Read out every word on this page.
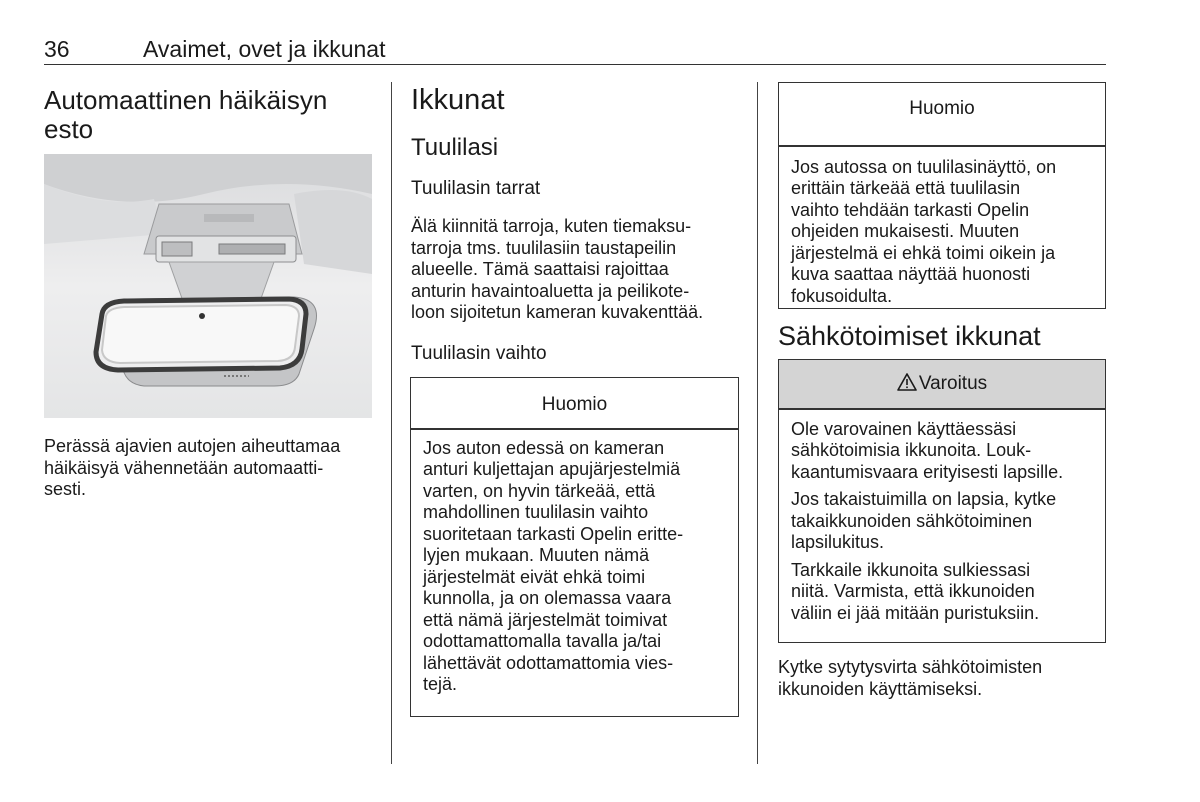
36	Avaimet, ovet ja ikkunat
Automaattinen häikäisyn
esto
Perässä ajavien autojen aiheuttamaa
häikäisyä vähennetään automaatti-
sesti.
Ikkunat
Tuulilasi
Tuulilasin tarrat
Älä kiinnitä tarroja, kuten tiemaksu-
tarroja tms. tuulilasiin taustapeilin
alueelle. Tämä saattaisi rajoittaa
anturin havaintoaluetta ja peilikote-
loon sijoitetun kameran kuvakenttää.
Tuulilasin vaihto
Huomio
Jos auton edessä on kameran
anturi kuljettajan apujärjestelmiä
varten, on hyvin tärkeää, että
mahdollinen tuulilasin vaihto
suoritetaan tarkasti Opelin eritte-
lyjen mukaan. Muuten nämä
järjestelmät eivät ehkä toimi
kunnolla, ja on olemassa vaara
että nämä järjestelmät toimivat
odottamattomalla tavalla ja/tai
lähettävät odottamattomia vies-
tejä.
Huomio
Jos autossa on tuulilasinäyttö, on
erittäin tärkeää että tuulilasin
vaihto tehdään tarkasti Opelin
ohjeiden mukaisesti. Muuten
järjestelmä ei ehkä toimi oikein ja
kuva saattaa näyttää huonosti
fokusoidulta.
Sähkötoimiset ikkunat
Varoitus
Ole varovainen käyttäessäsi
sähkötoimisia ikkunoita. Louk-
kaantumisvaara erityisesti lapsille.
Jos takaistuimilla on lapsia, kytke
takaikkunoiden sähkötoiminen
lapsilukitus.
Tarkkaile ikkunoita sulkiessasi
niitä. Varmista, että ikkunoiden
väliin ei jää mitään puristuksiin.
Kytke sytytysvirta sähkötoimisten
ikkunoiden käyttämiseksi.
